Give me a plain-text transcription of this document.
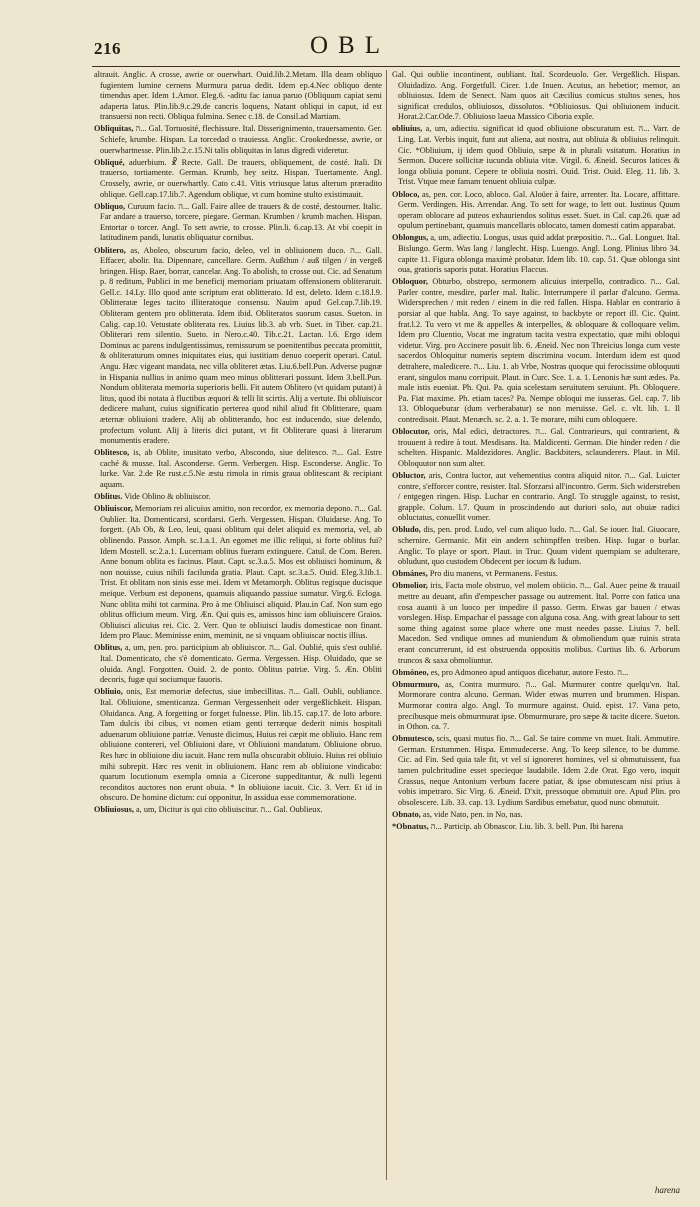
216	OBL

altrauit. Anglic. A crosse, awrie or ouerwhart. Ouid.lib.2.Metam. Illa deam obliquo fugientem lumine cernens Murmura parua dedit. Idem ep.4.Nec obliquo dente timendus aper. Idem 1.Amor. Eleg.6. -aditu fac ianua paruo (Obliquum capiat semi adaperta latus. Plin.lib.9.c.29.de cancris loquens, Natant obliqui in caput, id est transuersi non recti. Obliqua fulmina. Senec c.18. de Consil.ad Martiam.

Obliquitas, ה... Gal. Tortuosité, flechissure. Ital. Disserignimento, trauersamento. Ger. Schiefe, krumbe. Hispan. La torcedad o trauiessa. Anglic. Crookednesse, awrie, or ouerwhartnesse. Plin.lib.2.c.15.Ni talis obliquitas in latus digredi videretur.

Obliqué, aduerbium. ☧ Recte. Gall. De trauers, obliquement, de costé. Itali. Di trauerso, tortiamente. German. Krumb, bey seitz. Hispan. Tuertamente. Angl. Crossely, awrie, or ouerwhartly. Cato c.41. Vitis vtriusque latus alterum præradito oblique. Gell.cap.17.lib.7. Agendum oblique, vt cum homine stulto existimauit.

Obliquo, Curuum facio. ה... Gall. Faire allee de trauers & de costé, destourner. Italic. Far andare a trauerso, torcere, piegare. German. Krumben / krumb machen. Hispan. Entortar o torcer. Angl. To sett awrie, to crosse. Plin.li. 6.cap.13. At vbi coepit in latitudinem pandi, lunatis obliquatur cornibus.

Oblitero, as, Aboleo, obscurum facio, deleo, vel in obliuionem duco. ה... Gall. Effacer, abolir. Ita. Dipennare, cancellare. Germ. Außthun / auß tilgen / in vergeß bringen. Hisp. Raer, borrar, cancelar. Ang. To abolish, to crosse out. Cic. ad Senatum p. 8 reditum, Publici in me beneficij memoriam priuatam offensionem obliteraruit. Gell.c. 14.Ly. Illo quod ante scriptum erat oblitterato. Id est, deleto. Idem c.18.l.9. Oblitteratæ leges tacito illiteratoque consensu. Nauim apud Gel.cap.7.lib.19. Obliteram gentem pro oblitterata. Idem ibid. Obliteratos suorum casus. Sueton. in Calig. cap.10. Vetustate obliterata res. Liuius lib.3. ab vrb. Suet. in Tiber. cap.21. Obliterari rem silentio. Sueto. in Nero.c.40. Tib.c.21. Lactan. l.6. Ergo idem Dominus ac parens indulgentissimus, remissurum se poenitentibus peccata promittit, & obliteraturum omnes iniquitates eius, qui iustitiam denuo coeperit operari. Catul. Angu. Hæc vigeant mandata, nec villa obliteret ætas. Liu.6.bell.Pun. Adverse pugnæ in Hispania nullius in animo quam meo minus oblitterari possunt. Idem 3.bell.Pun. Nondum obliterata memoria superioris belli. Fit autem Oblitero (vt quidam putant) à litus, quod ibi notata à fluctibus æquori & telli lit scirtis. Alij a vertute. Ibi obliuiscor dedicere malunt, cuius significatio perterea quod nihil aliud fit Oblitterare, quam æternæ obliuioni tradere. Alij ab oblitterando, hoc est inducendo, siue delendo, profectum volunt. Alij à literis dici putant, vt fit Obliterare quasi à literarum monumentis eradere.

Oblitesco, is, ab Oblite, inusitato verbo, Abscondo, siue delitesco. ה... Gal. Estre caché & musse. Ital. Asconderse. Germ. Verbergen. Hisp. Esconderse. Anglic. To lurke. Var. 2.de Re rust.c.5.Ne æstu rimola in rimis graua oblitescant & recipiant aquam.

Oblitus. Vide Oblino & obliuiscor.

Obliuiscor, Memoriam rei alicuius amitto, non recordor, ex memoria depono. ה... Gal. Oublier. Ita. Domenticarsi, scordarsi. Gerh. Vergessen. Hispan. Oluidarse. Ang. To forgett. (Ab Ob, & Leo, leui, quasi oblitum qui delet aliquid ex memoria, vel, ab oblinendo. Passor. Amph. sc.1.a.1. An egomet me illic reliqui, si forte oblitus fui? Idem Mostell. sc.2.a.1. Lucernam oblitus fueram extinguere. Catul. de Com. Beren. Anne bonum oblita es facinus. Plaut. Capt. sc.3.a.5. Mos est obliuisci hominum, & non nouisse, cuius nihili facilunda gratia. Plaut. Capt. sc.3.a.5. Ouid. Eleg.3.lib.1. Trist. Et oblitam non sinis esse mei. Idem vt Metamorph. Oblitus regisque ducisque meique. Verbum est deponens, quamuis aliquando passiue sumatur. Virg.6. Ecloga. Nunc oblita mihi tot carmina. Pro à me Obliuisci aliquid. Plau.in Caf. Non sum ego oblitus officium meum. Virg. Æn. Qui quis es, amissos hinc iam obliuiscere Graios. Obliuisci alicuius rei. Cic. 2. Verr. Quo te obliuisci laudis domesticae non finant. Idem pro Plauc. Meminisse enim, meminit, ne si vnquam obliuiscar noctis illius.

Oblitus, a, um, pen. pro. participium ab obliuiscor. ה... Gal. Oublié, quis s'est oublié. Ital. Domenticato, che s'è domenticato. Germa. Vergessen. Hisp. Oluidado, que se oluida. Angl. Forgotten. Ouid. 2. de ponto. Oblitus patriæ. Virg. 5. Æn. Obliti decoris, fugæ qui sociumque fauoris.

Obliuio, onis, Est memoriæ defectus, siue imbecillitas. ה... Gall. Oubli, oubliance. Ital. Obliuione, smenticanza. German Vergessenheit oder vergeßlichkeit. Hispan. Oluidanca. Ang. A forgetting or forget fulnesse. Plin. lib.15. cap.17. de loto arbore. Tam dulcis ibi cibus, vt nomen etiam genti terræque dederit nimis hospitali aduenarum obliuione patriæ. Venuste dicimus, Huius rei cæpit me obliuio. Hanc rem obliuione contereri, vel Obliuioni dare, vt Obliuioni mandatum. Obliuione obruo. Res hæc in obliuione diu iacuit. Hanc rem nulla obscurabit obliuio. Huius rei obliuio mihi subrepit. Hæc res venit in obliuionem. Hanc rem ab obliuione vindicabo: quarum locutionum exempla omnia a Cicerone suppeditantur, & nulli legenti reconditos auctores non erunt obuia. * In obliuione iacuit. Cic. 3. Verr. Et id in obscuro. De homine dictum: cui opponitur, In assidua esse commemoratione.

Obliuiosus, a, um, Dicitur is qui cito obliuiscitur. ה... Gal. Oublieux.

Gal. Qui oublie incontinent, oubliant. Ital. Scordeuolo. Ger. Vergeßlich. Hispan. Oluidadizo. Ang. Forgetfull. Cicer. 1.de Inuen. Acutus, an hebetior; memor, an obliuiosus. Idem de Senect. Nam quos ait Cæcilius comicus stultos senes, hos significat credulos, obliuiosos, dissolutos. *Obliuiosus. Qui obliuionem inducit. Horat.2.Car.Ode.7. Obliuioso laeua Massico Ciboria exple.

obliuius, a, um, adiectiu. significat id quod obliuione obscuratum est. ה... Varr. de Ling. Lat. Verbis inquit, funt aut aliena, aut nostra, aut obliuia & obliuius relinquit. Cic. *Obliuium, ij idem quod Obliuio, sæpe & in plurali vsitatum. Horatius in Sermon. Ducere sollicitæ iucunda obliuia vitæ. Virgil. 6. Æneid. Securos latices & longa obliuia ponunt. Cepere te obliuia nostri. Ouid. Trist. Ouid. Eleg. 11. lib. 3. Trist. Vtque meæ famam tenuent obliuia culpæ.

Obloco, as, pen. cor. Loco, abloco. Gal. Aloüer à faire, arrenter. Ita. Locare, affittare. Germ. Verdingen. His. Arrendar. Ang. To sett for wage, to lett out. Iustinus Quum operam oblocare ad puteos exhauriendos solitus esset. Suet. in Cal. cap.26. quæ ad opulum pertinebant, quamuis mancellaris oblocato, tamen domesti catim apparabat.

Oblongus, a, um, adiectiu. Longus, usus quid addat præpositio. ה... Gal. Longuet. Ital. Bislungo. Germ. Was lang / langlecht. Hisp. Luengo. Angl. Long. Plinius libro 34. capite 11. Figura oblonga maximè probatur. Idem lib. 10. cap. 51. Quæ oblonga sint oua, gratioris saporis putat. Horatius Flaccus.

Obloquor, Obturbo, obstrepo, sermonem alicuius interpello, contradico. ה... Gal. Parler contre, mesdire, parler mal. Italic. Interrumpere il parlar d'alcuno. Germa. Widersprechen / mit reden / einem in die red fallen. Hispa. Hablar en contrario à porsiar al que habla. Ang. To saye against, to backbyte or report ill. Cic. Quint. frat.l.2. Tu vero vt me & appelles & interpelles, & obloquare & colloquare velim. Idem pro Cluentio, Vocat me ingratum tacita vestra expectatio, quæ mihi obloqui videtur. Virg. pro Accinere posuit lib. 6. Æneid. Nec non Threicius longa cum veste sacerdos Obloquitur numeris septem discrimina vocum. Interdum idem est quod detrahere, maledicere. ה... Liu. 1. ab Vrbe, Nostras quoque qui ferocissime obloquuti erant, singulos manu corripuit. Plaut. in Curc. Sce. 1. a. 1. Lenonis hæ sunt ædes. Pa. male istis eueniat. Ph. Qui. Pa. quia scelestam seruitutem seruiunt. Ph. Obloquere. Pa. Fiat maxime. Ph. etiam taces? Pa. Nempe obloqui me iusseras. Gel. cap. 7. lib 13. Obloqueburar (dum verberabatur) se non meruisse. Gel. c. vlt. lib. 1. Il contredisoit. Plaut. Menæch. sc. 2. a. 1. Te morare, mihi cum obloquere.

Oblocutor, oris, Mal edici, detractores. ה... Gal. Contrarieurs, qui contrarient, & trouuent à redire à tout. Mesdisans. Ita. Maldicenti. German. Die hinder reden / die schelten. Hispanic. Maldezidores. Anglic. Backbiters, sclaunderers. Plaut. in Mil. Obloquutor non sum alter.

Obluctor, aris, Contra luctor, aut vehementius contra aliquid nitor. ה... Gal. Luicter contre, s'efforcer contre, resister. Ital. Sforzarsi all'incontro. Germ. Sich widerstreben / entgegen ringen. Hisp. Luchar en contrario. Angl. To struggle against, to resist, grapple. Colum. l.7. Quum in proscindendo aut duriori solo, aut obuiæ radici obluctatus, conuellit vomer.

Obludo, dis, pen. prod. Ludo, vel cum aliquo ludo. ה... Gal. Se iouer. Ital. Giuocare, schernire. Germanic. Mit ein andern schimpffen treiben. Hisp. Iugar o burlar. Anglic. To playe or sport. Plaut. in Truc. Quum vident quempiam se adulterare, obludunt, quo custodem Obdecent per iocum & ludum.

Obmánes, Pro diu manens, vt Permanens. Festus.

Obmolior, iris, Facta mole obstruo, vel molem obiicio. ה... Gal. Auec peine & trauail mettre au deuant, afin d'empescher passage ou autrement. Ital. Porre con fatica una cosa auanti à un luoco per impedire il passo. Germ. Etwas gar bauen / etwas vorslegen. Hisp. Empachar el passage con alguna cosa. Ang. with great labour to sett some thing against some place where one must needes passe. Liuius 7. bell. Macedon. Sed vndique omnes ad muniendum & obmoliendum quæ ruinis strata erant concurrerunt, id est obstruenda oppositis molibus. Curtius lib. 6. Arborum truncos & saxa obmoliuntur.

Obmóneo, es, pro Admoneo apud antiquos dicebatur, autore Festo. ה...

Obmurmuro, as, Contra murmuro. ה... Gal. Murmurer contre quelqu'vn. Ital. Mormorare contra alcuno. German. Wider etwas murren und brummen. Hispan. Murmorar contra algo. Angl. To murmure against. Ouid. epist. 17. Vana peto, precibusque meis obmurmurat ipse. Obmurmurare, pro sæpe & tacite dicere. Sueton. in Othon. ca. 7.

Obmutesco, scis, quasi mutus fio. ה... Gal. Se taire comme vn muet. Itali. Ammutire. German. Erstummen. Hispa. Emmudecerse. Ang. To keep silence, to be dumme. Cic. ad Fin. Sed quia tale fit, vt vel si ignoreret homines, vel si obmutuissent, fua tamen pulchritudine esset specieque laudabile. Idem 2.de Orat. Ego vero, inquit Crassus, neque Antonium verbum facere patiar, & ipse obmutescam nisi prius à vobis impetraro. Sic Virg. 6. Æneid. D'xit, pressoque obmutuit ore. Apud Plin. pro obsolescere. Lib. 33. cap. 13. Lydium Sardibus emebatur, quod nunc obmutuit.

Obnato, as, vide Nato, pen. in No, nas.

*Obnatus, ה... Particip. ab Obnascor. Liu. lib. 3. bell. Pun. Ibi harena

harena
